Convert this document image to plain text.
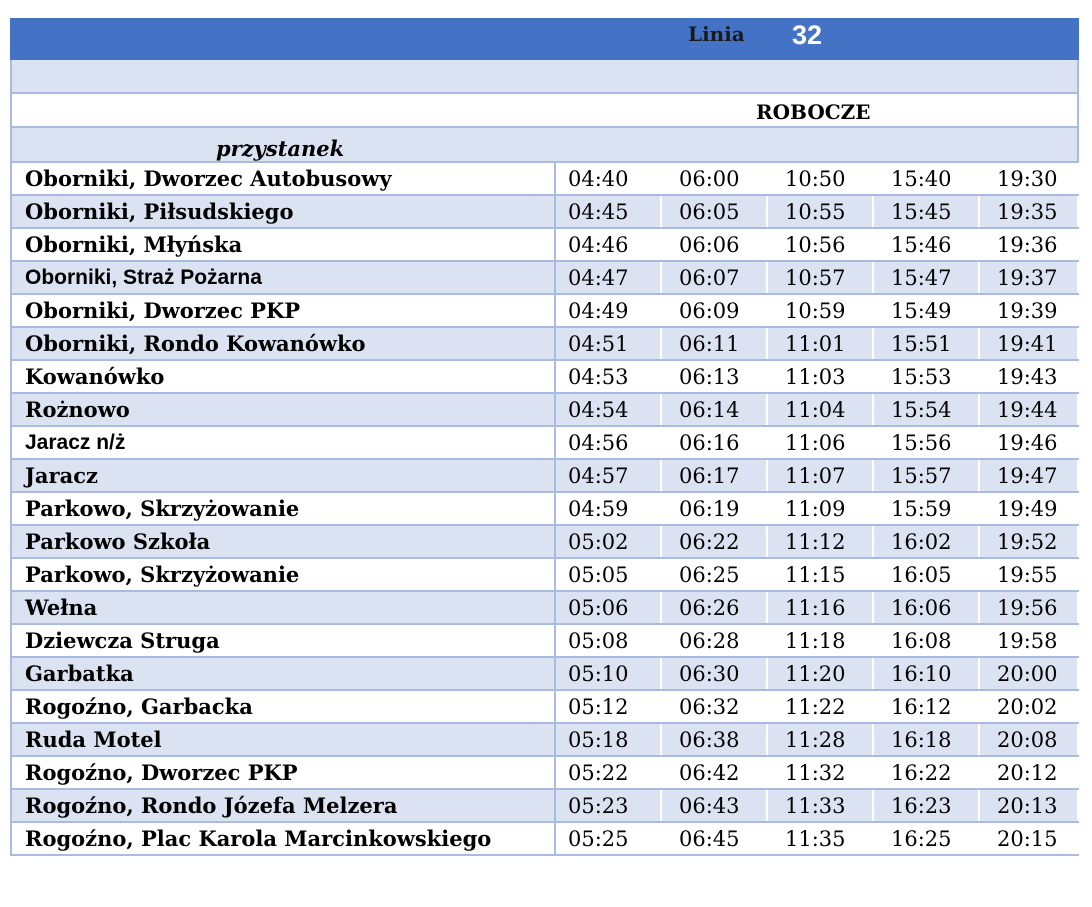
Oborniki, Dworzec Autobusowy	04:40	06:00	10:50	15:40	19:30
Oborniki, Piłsudskiego	04:45	06:05	10:55	15:45	19:35
Oborniki, Młyńska	04:46	06:06	10:56	15:46	19:36
Oborniki, Straż Pożarna	04:47	06:07	10:57	15:47	19:37
Oborniki, Dworzec PKP	04:49	06:09	10:59	15:49	19:39
Oborniki, Rondo Kowanówko	04:51	06:11	11:01	15:51	19:41
Kowanówko	04:53	06:13	11:03	15:53	19:43
Rożnowo	04:54	06:14	11:04	15:54	19:44
Jaracz n/ż	04:56	06:16	11:06	15:56	19:46
Jaracz	04:57	06:17	11:07	15:57	19:47
Parkowo, Skrzyżowanie	04:59	06:19	11:09	15:59	19:49
Parkowo Szkoła	05:02	06:22	11:12	16:02	19:52
Parkowo, Skrzyżowanie	05:05	06:25	11:15	16:05	19:55
Wełna	05:06	06:26	11:16	16:06	19:56
Dziewcza Struga	05:08	06:28	11:18	16:08	19:58
Garbatka	05:10	06:30	11:20	16:10	20:00
Rogoźno, Garbacka	05:12	06:32	11:22	16:12	20:02
Ruda Motel	05:18	06:38	11:28	16:18	20:08
Rogoźno, Dworzec PKP	05:22	06:42	11:32	16:22	20:12
Rogoźno, Rondo Józefa Melzera	05:23	06:43	11:33	16:23	20:13
Rogoźno, Plac Karola Marcinkowskiego	05:25	06:45	11:35	16:25	20:15
Linia 32
ROBOCZE
przystanek
